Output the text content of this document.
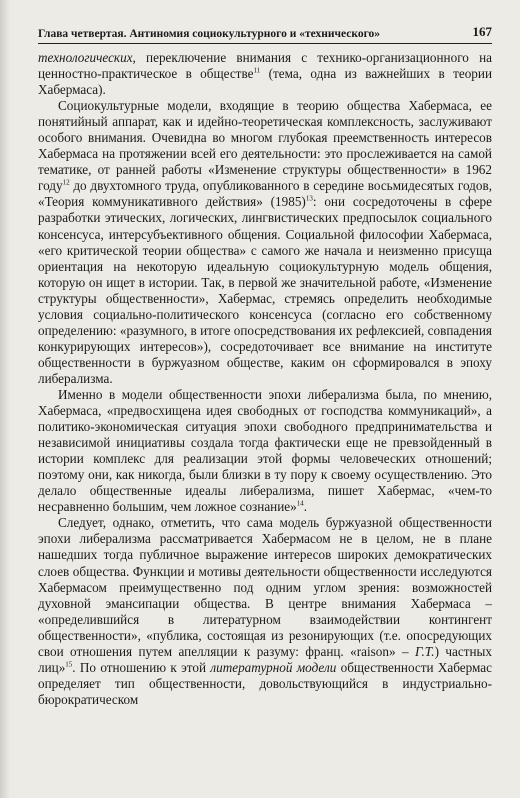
Глава четвертая. Антиномия социокультурного и «технического»	167

технологических, переключение внимания с технико-организационного на ценностно-практическое в обществе$^{11}$ (тема, одна из важнейших в теории Хабермаса).

Социокультурные модели, входящие в теорию общества Хабермаса, ее понятийный аппарат, как и идейно-теоретическая комплексность, заслуживают особого внимания. Очевидна во многом глубокая преемственность интересов Хабермаса на протяжении всей его деятельности: это прослеживается на самой тематике, от ранней работы «Изменение структуры общественности» в 1962 году$^{12}$ до двухтомного труда, опубликованного в середине восьмидесятых годов, «Теория коммуникативного действия» $(1985)^{13}$: они сосредоточены в сфере разработки этических, логических, лингвистических предпосылок социального консенсуса, интерсубъективного общения. Социальной философии Хабермаса, «его критической теории общества» с самого же начала и неизменно присуща ориентация на некоторую идеальную социокультурную модель общения, которую он ищет в истории. Так, в первой же значительной работе, «Изменение структуры общественности», Хабермас, стремясь определить необходимые условия социально-политического консенсуса (согласно его собственному определению: «разумного, в итоге опосредствования их рефлексией, совпадения конкурирующих интересов»), сосредоточивает все внимание на институте общественности в буржуазном обществе, каким он сформировался в эпоху либерализма.

Именно в модели общественности эпохи либерализма была, по мнению, Хабермаса, «предвосхищена идея свободных от господства коммуникаций», а политико-экономическая ситуация эпохи свободного предпринимательства и независимой инициативы создала тогда фактически еще не превзойденный в истории комплекс для реализации этой формы человеческих отношений; поэтому они, как никогда, были близки в ту пору к своему осуществлению. Это делало общественные идеалы либерализма, пишет Хабермас, «чем-то несравненно большим, чем ложное сознание»$^{14}$.

Следует, однако, отметить, что сама модель буржуазной общественности эпохи либерализма рассматривается Хабермасом не в целом, не в плане нашедших тогда публичное выражение интересов широких демократических слоев общества. Функции и мотивы деятельности общественности исследуются Хабермасом преимущественно под одним углом зрения: возможностей духовной эмансипации общества. В центре внимания Хабермаса – «определившийся в литературном взаимодействии контингент общественности», «публика, состоящая из резонирующих (т.е. опосредующих свои отношения путем апелляции к разуму: франц. «raison» – Г.Т.) частных лиц»$^{15}$. По отношению к этой литературной модели общественности Хабермас определяет тип общественности, довольствующийся в индустриально-бюрократическом
